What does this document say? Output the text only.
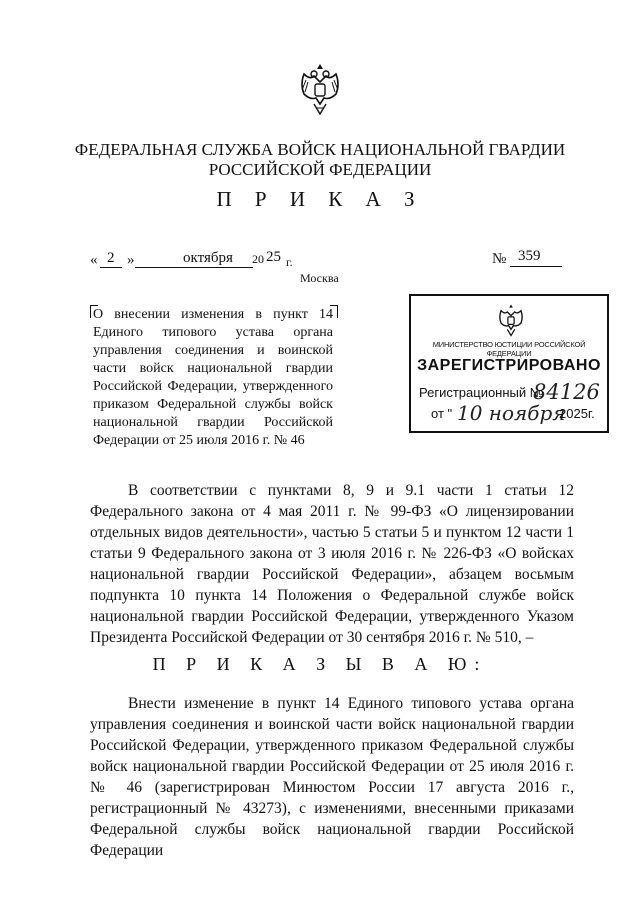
ФЕДЕРАЛЬНАЯ СЛУЖБА ВОЙСК НАЦИОНАЛЬНОЙ ГВАРДИИ
РОССИЙСКОЙ ФЕДЕРАЦИИ
П Р И К А З
« 2 »	октября 20 25 г.	№ 359
Москва
О внесении изменения в пункт 14 Единого типового устава органа управления соединения и воинской части войск национальной гвардии Российской Федерации, утвержденного приказом Федеральной службы войск национальной гвардии Российской Федерации от 25 июля 2016 г. № 46
МИНИСТЕРСТВО ЮСТИЦИИ РОССИЙСКОЙ ФЕДЕРАЦИИ
ЗАРЕГИСТРИРОВАНО
Регистрационный №
84126
от " 10 ноября
2025г.

В соответствии с пунктами 8, 9 и 9.1 части 1 статьи 12 Федерального закона от 4 мая 2011 г. № 99-ФЗ «О лицензировании отдельных видов деятельности», частью 5 статьи 5 и пунктом 12 части 1 статьи 9 Федерального закона от 3 июля 2016 г. № 226-ФЗ «О войсках национальной гвардии Российской Федерации», абзацем восьмым подпункта 10 пункта 14 Положения о Федеральной службе войск национальной гвардии Российской Федерации, утвержденного Указом Президента Российской Федерации от 30 сентября 2016 г. № 510, –

П Р И К А З Ы В А Ю:

Внести изменение в пункт 14 Единого типового устава органа управления соединения и воинской части войск национальной гвардии Российской Федерации, утвержденного приказом Федеральной службы войск национальной гвардии Российской Федерации от 25 июля 2016 г. № 46 (зарегистрирован Минюстом России 17 августа 2016 г., регистрационный № 43273), с изменениями, внесенными приказами Федеральной службы войск национальной гвардии Российской Федерации
